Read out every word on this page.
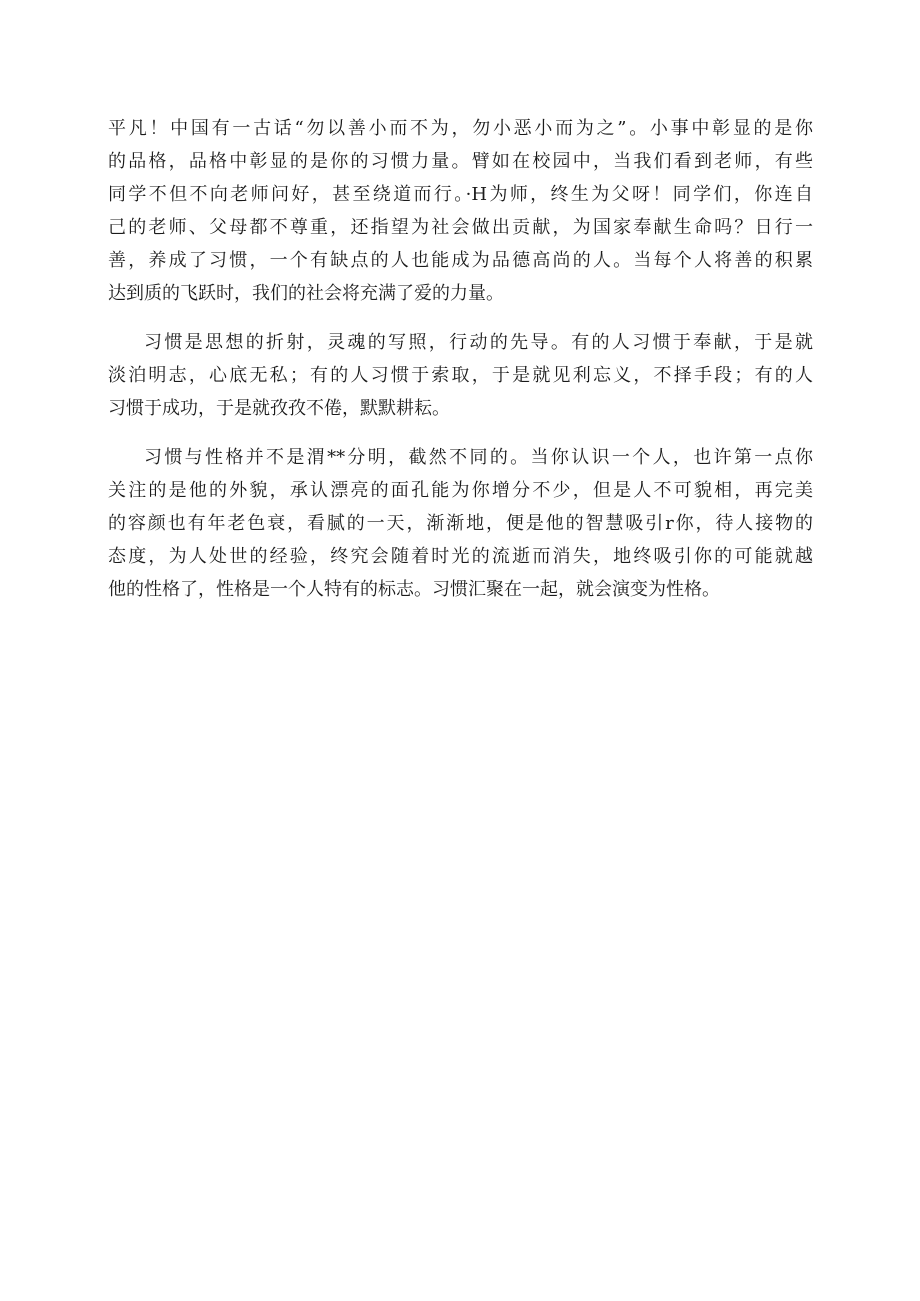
平凡！中国有一古话“勿以善小而不为，勿小恶小而为之”。小事中彰显的是你
的品格，品格中彰显的是你的习惯力量。臂如在校园中，当我们看到老师，有些
同学不但不向老师问好，甚至绕道而行。·H为师，终生为父呀！同学们，你连自
己的老师、父母都不尊重，还指望为社会做出贡献，为国家奉献生命吗？日行一
善，养成了习惯，一个有缺点的人也能成为品德高尚的人。当每个人将善的积累
达到质的飞跃时，我们的社会将充满了爱的力量。
习惯是思想的折射，灵魂的写照，行动的先导。有的人习惯于奉献，于是就
淡泊明志，心底无私；有的人习惯于索取，于是就见利忘义，不择手段；有的人
习惯于成功，于是就孜孜不倦，默默耕耘。
习惯与性格并不是渭**分明，截然不同的。当你认识一个人，也许第一点你
关注的是他的外貌，承认漂亮的面孔能为你增分不少，但是人不可貌相，再完美
的容颜也有年老色衰，看腻的一天，渐渐地，便是他的智慧吸引r你，待人接物的
态度，为人处世的经验，终究会随着时光的流逝而消失，地终吸引你的可能就越
他的性格了，性格是一个人特有的标志。习惯汇聚在一起，就会演变为性格。
